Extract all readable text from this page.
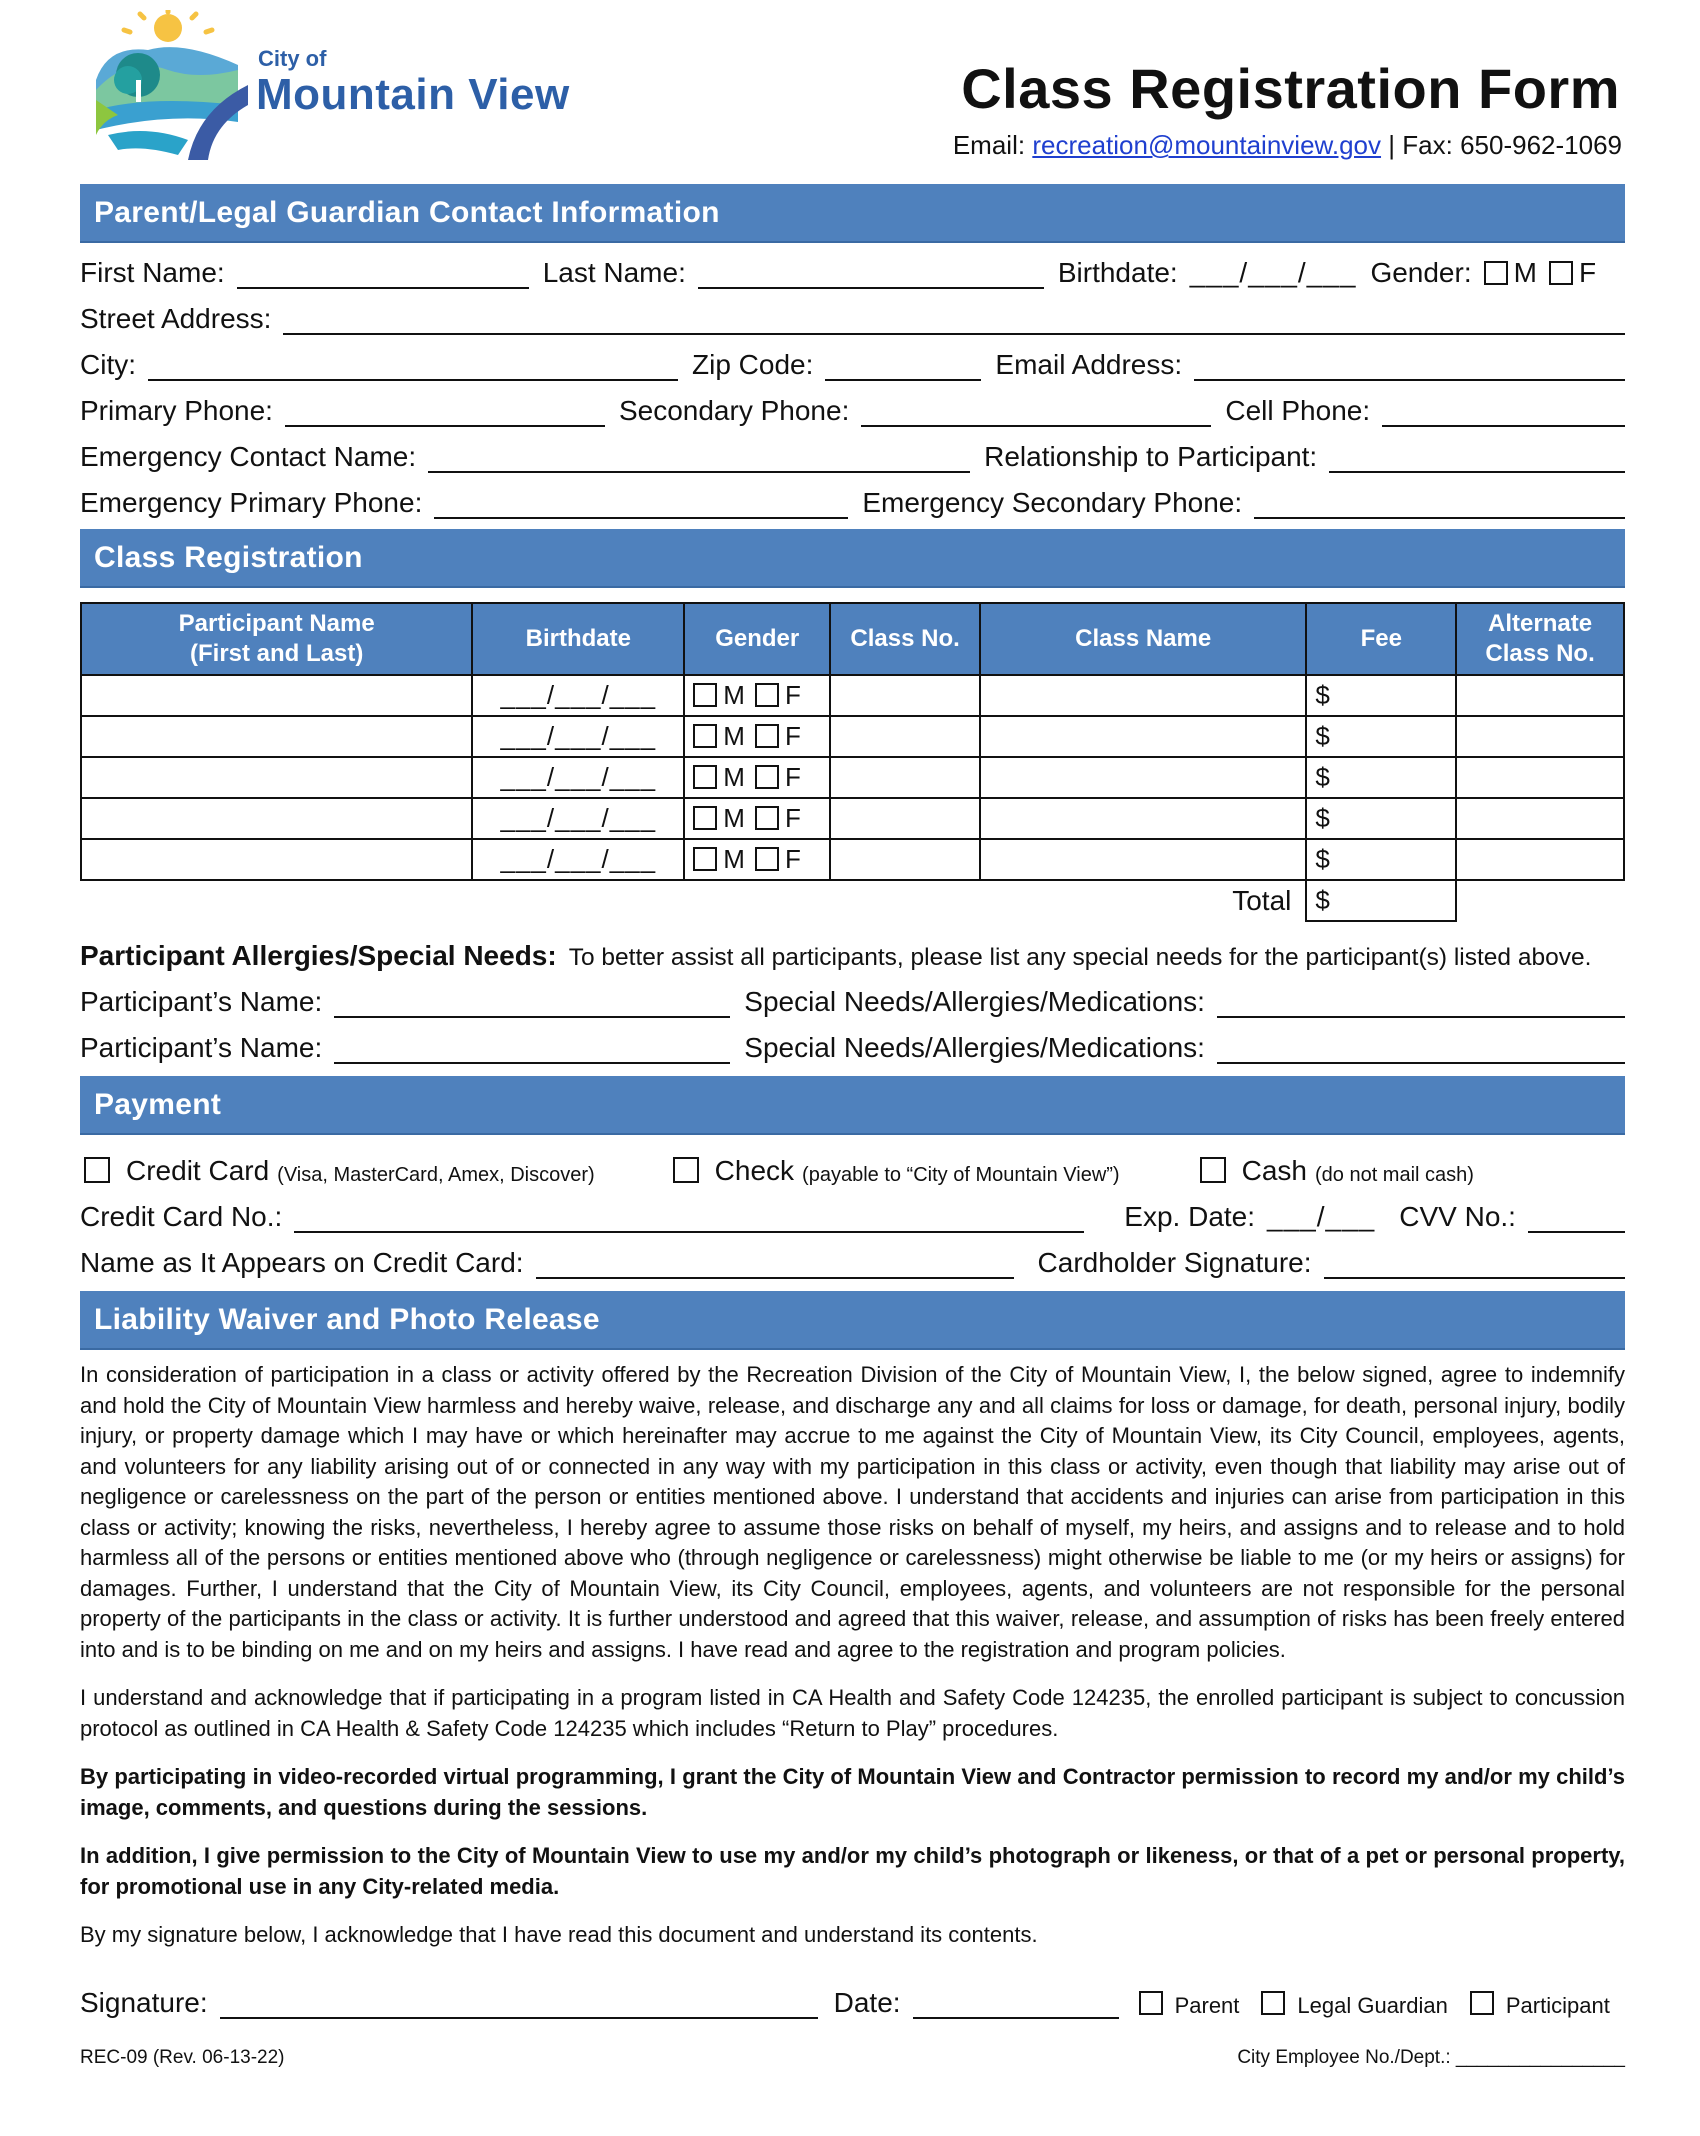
City of
Mountain View	Class Registration Form
Email: recreation@mountainview.gov | Fax: 650-962-1069
Parent/Legal Guardian Contact Information
First Name:	Last Name:	Birthdate: ___/___/___ Gender:	M F
Street Address:
City:	Zip Code:	Email Address:
Primary Phone:	Secondary Phone:	Cell Phone:
Emergency Contact Name:	Relationship to Participant:
Emergency Primary Phone:	Emergency Secondary Phone:
Class Registration
Participant Name
(First and Last)	Birthdate	Gender	Class No.	Class Name	Fee	Alternate
Class No.
	___/___/___	M F			$	
	___/___/___	M F			$	
	___/___/___	M F			$	
	___/___/___	M F			$	
	___/___/___	M F			$	
Total					$	
Participant Allergies/Special Needs: To better assist all participants, please list any special needs for the participant(s) listed above.
Participant’s Name:	Special Needs/Allergies/Medications:
Participant’s Name:	Special Needs/Allergies/Medications:
Payment
Credit Card (Visa, MasterCard, Amex, Discover)	Check (payable to “City of Mountain View”)	Cash (do not mail cash)
Credit Card No.:	Exp. Date: ___/___ CVV No.:
Name as It Appears on Credit Card:	Cardholder Signature:
Liability Waiver and Photo Release

In consideration of participation in a class or activity offered by the Recreation Division of the City of Mountain View, I, the below signed, agree to indemnify and hold the City of Mountain View harmless and hereby waive, release, and discharge any and all claims for loss or damage, for death, personal injury, bodily injury, or property damage which I may have or which hereinafter may accrue to me against the City of Mountain View, its City Council, employees, agents, and volunteers for any liability arising out of or connected in any way with my participation in this class or activity, even though that liability may arise out of negligence or carelessness on the part of the person or entities mentioned above. I understand that accidents and injuries can arise from participation in this class or activity; knowing the risks, nevertheless, I hereby agree to assume those risks on behalf of myself, my heirs, and assigns and to release and to hold harmless all of the persons or entities mentioned above who (through negligence or carelessness) might otherwise be liable to me (or my heirs or assigns) for damages. Further, I understand that the City of Mountain View, its City Council, employees, agents, and volunteers are not responsible for the personal property of the participants in the class or activity. It is further understood and agreed that this waiver, release, and assumption of risks has been freely entered into and is to be binding on me and on my heirs and assigns. I have read and agree to the registration and program policies.

I understand and acknowledge that if participating in a program listed in CA Health and Safety Code 124235, the enrolled participant is subject to concussion protocol as outlined in CA Health & Safety Code 124235 which includes “Return to Play” procedures.

By participating in video-recorded virtual programming, I grant the City of Mountain View and Contractor permission to record my and/or my child’s image, comments, and questions during the sessions.

In addition, I give permission to the City of Mountain View to use my and/or my child’s photograph or likeness, or that of a pet or personal property, for promotional use in any City-related media.

By my signature below, I acknowledge that I have read this document and understand its contents.

Signature:	Date:	Parent	Legal Guardian	Participant
REC-09 (Rev. 06-13-22)	City Employee No./Dept.: ________________
